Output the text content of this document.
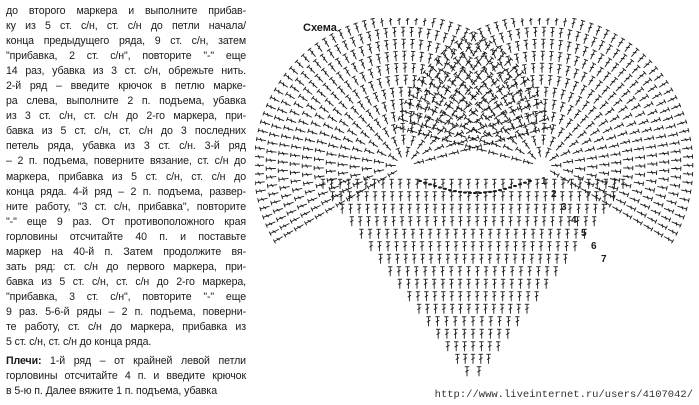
до второго маркера и выполните прибав-
ку из 5 ст. с/н, ст. с/н до петли начала/
конца предыдущего ряда, 9 ст. с/н, затем
"прибавка, 2 ст. с/н", повторите "-" еще
14 раз, убавка из 3 ст. с/н, обрежьте нить.
2-й ряд – введите крючок в петлю марке-
ра слева, выполните 2 п. подъема, убавка
из 3 ст. с/н, ст. с/н до 2-го маркера, при-
бавка из 5 ст. с/н, ст. с/н до 3 последних
петель ряда, убавка из 3 ст. с/н. 3-й ряд
– 2 п. подъема, поверните вязание, ст. с/н до
маркера, прибавка из 5 ст. с/н, ст. с/н до
конца ряда. 4-й ряд – 2 п. подъема, развер-
ните работу, "3 ст. с/н, прибавка", повторите
"-" еще 9 раз. От противоположного края
горловины отсчитайте 40 п. и поставьте
маркер на 40-й п. Затем продолжите вя-
зать ряд: ст. с/н до первого маркера, при-
бавка из 5 ст. с/н, ст. с/н до 2-го маркера,
"прибавка, 3 ст. с/н", повторите "-" еще
9 раз. 5-6-й ряды – 2 п. подъема, поверни-
те работу, ст. с/н до маркера, прибавка из
5 ст. с/н, ст. с/н до конца ряда.
Плечи: 1-й ряд – от крайней левой петли
горловины отсчитайте 4 п. и введите крючок
в 5-ю п. Далее вяжите 1 п. подъема, убавка
Схема
1
2
3
4
5
6
7
http://www.liveinternet.ru/users/4107042/
